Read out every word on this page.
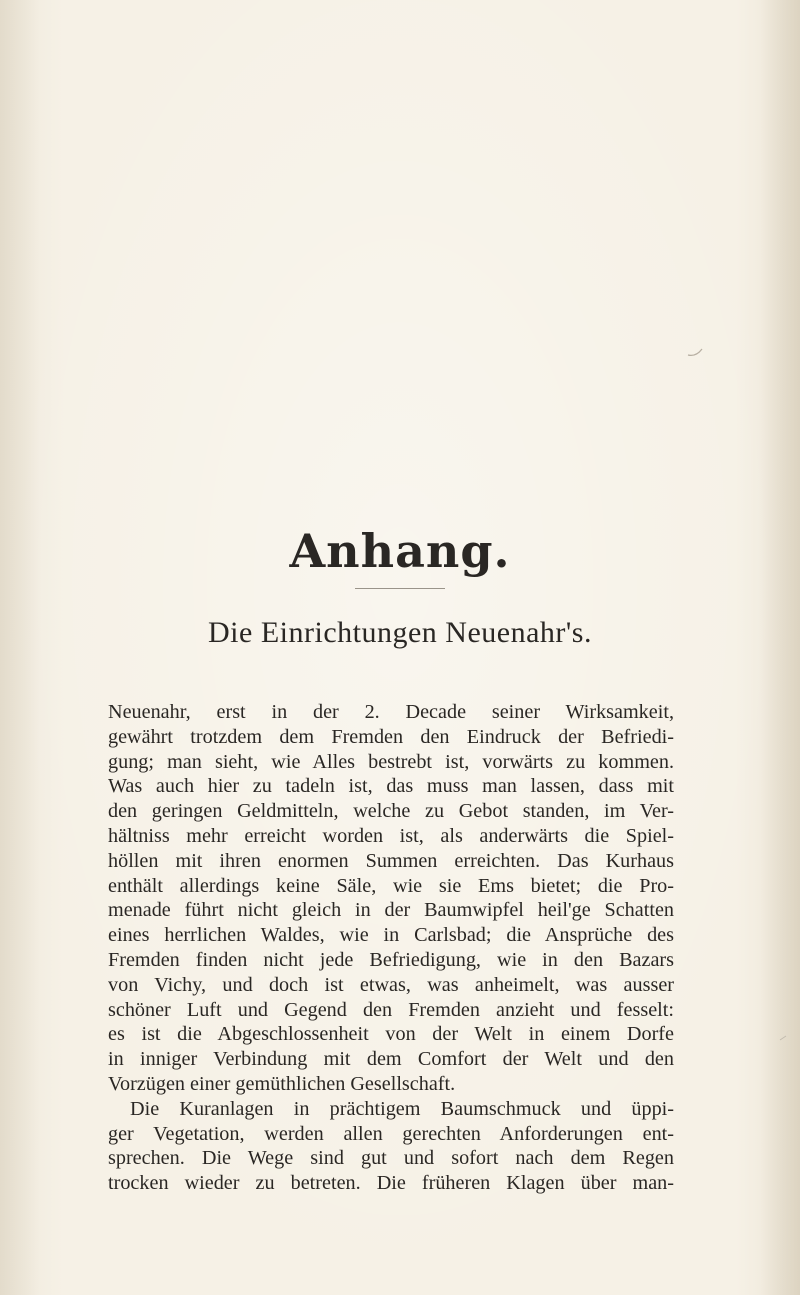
Anhang.
Die Einrichtungen Neuenahr's.
Neuenahr, erst in der 2. Decade seiner Wirksamkeit,
gewährt trotzdem dem Fremden den Eindruck der Befriedi-
gung; man sieht, wie Alles bestrebt ist, vorwärts zu kommen.
Was auch hier zu tadeln ist, das muss man lassen, dass mit
den geringen Geldmitteln, welche zu Gebot standen, im Ver-
hältniss mehr erreicht worden ist, als anderwärts die Spiel-
höllen mit ihren enormen Summen erreichten. Das Kurhaus
enthält allerdings keine Säle, wie sie Ems bietet; die Pro-
menade führt nicht gleich in der Baumwipfel heil'ge Schatten
eines herrlichen Waldes, wie in Carlsbad; die Ansprüche des
Fremden finden nicht jede Befriedigung, wie in den Bazars
von Vichy, und doch ist etwas, was anheimelt, was ausser
schöner Luft und Gegend den Fremden anzieht und fesselt:
es ist die Abgeschlossenheit von der Welt in einem Dorfe
in inniger Verbindung mit dem Comfort der Welt und den
Vorzügen einer gemüthlichen Gesellschaft.
Die Kuranlagen in prächtigem Baumschmuck und üppi-
ger Vegetation, werden allen gerechten Anforderungen ent-
sprechen. Die Wege sind gut und sofort nach dem Regen
trocken wieder zu betreten. Die früheren Klagen über man-
